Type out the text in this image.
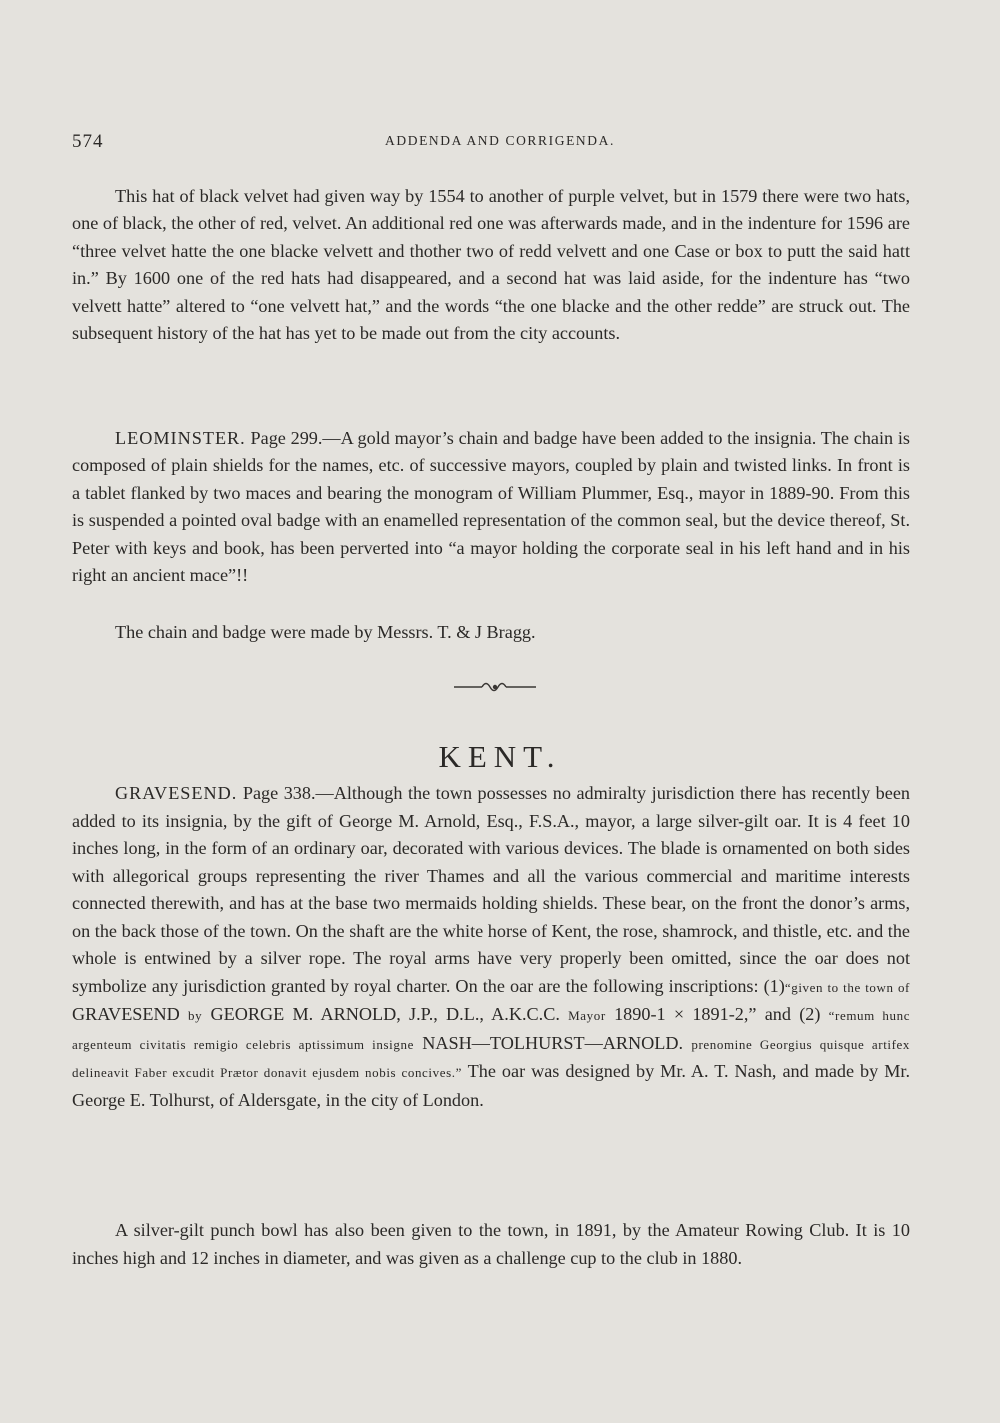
574	ADDENDA AND CORRIGENDA.

This hat of black velvet had given way by 1554 to another of purple velvet, but in 1579 there were two hats, one of black, the other of red, velvet. An additional red one was afterwards made, and in the indenture for 1596 are “three velvet hatte the one blacke velvett and thother two of redd velvett and one Case or box to putt the said hatt in.” By 1600 one of the red hats had disappeared, and a second hat was laid aside, for the indenture has “two velvett hatte” altered to “one velvett hat,” and the words “the one blacke and the other redde” are struck out. The subsequent history of the hat has yet to be made out from the city accounts.

LEOMINSTER. Page 299.—A gold mayor’s chain and badge have been added to the insignia. The chain is composed of plain shields for the names, etc. of successive mayors, coupled by plain and twisted links. In front is a tablet flanked by two maces and bearing the monogram of William Plummer, Esq., mayor in 1889-90. From this is suspended a pointed oval badge with an enamelled representation of the common seal, but the device thereof, St. Peter with keys and book, has been perverted into “a mayor holding the corporate seal in his left hand and in his right an ancient mace”!!

The chain and badge were made by Messrs. T. & J Bragg.

KENT.

GRAVESEND. Page 338.—Although the town possesses no admiralty jurisdiction there has recently been added to its insignia, by the gift of George M. Arnold, Esq., F.S.A., mayor, a large silver-gilt oar. It is 4 feet 10 inches long, in the form of an ordinary oar, decorated with various devices. The blade is ornamented on both sides with allegorical groups representing the river Thames and all the various commercial and maritime interests connected therewith, and has at the base two mermaids holding shields. These bear, on the front the donor’s arms, on the back those of the town. On the shaft are the white horse of Kent, the rose, shamrock, and thistle, etc. and the whole is entwined by a silver rope. The royal arms have very properly been omitted, since the oar does not symbolize any jurisdiction granted by royal charter. On the oar are the following inscriptions: (1)“given to the town of GRAVESEND by GEORGE M. ARNOLD, J.P., D.L., A.K.C.C. Mayor 1890-1 × 1891-2,” and (2) “remum hunc argenteum civitatis remigio celebris aptissimum insigne NASH—TOLHURST—ARNOLD. prenomine Georgius quisque artifex delineavit Faber excudit Prætor donavit ejusdem nobis concives.” The oar was designed by Mr. A. T. Nash, and made by Mr. George E. Tolhurst, of Aldersgate, in the city of London.

A silver-gilt punch bowl has also been given to the town, in 1891, by the Amateur Rowing Club. It is 10 inches high and 12 inches in diameter, and was given as a challenge cup to the club in 1880.
